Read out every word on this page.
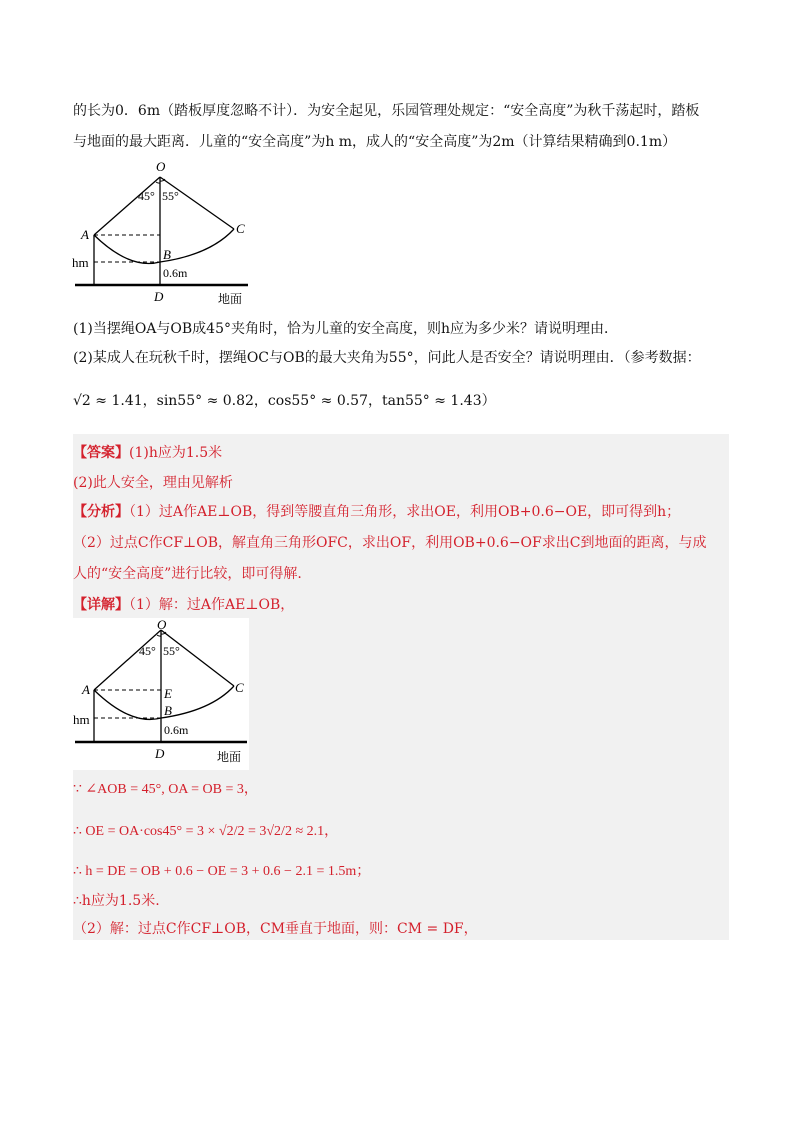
的长为0．6m（踏板厚度忽略不计）．为安全起见，乐园管理处规定：“安全高度”为秋千荡起时，踏板
与地面的最大距离．儿童的“安全高度”为h m，成人的“安全高度”为2m（计算结果精确到0.1m）
O
45° 55°
A	C
B
hm
0.6m
D	地面
(1)当摆绳OA与OB成45°夹角时，恰为儿童的安全高度，则h应为多少米？请说明理由．
(2)某成人在玩秋千时，摆绳OC与OB的最大夹角为55°，问此人是否安全？请说明理由．（参考数据：
√2 ≈ 1.41，sin55° ≈ 0.82，cos55° ≈ 0.57，tan55° ≈ 1.43）
【答案】(1)h应为1.5米
(2)此人安全，理由见解析
【分析】（1）过A作AE⊥OB，得到等腰直角三角形，求出OE，利用OB+0.6−OE，即可得到h；
（2）过点C作CF⊥OB，解直角三角形OFC，求出OF，利用OB+0.6−OF求出C到地面的距离，与成
人的“安全高度”进行比较，即可得解.
【详解】（1）解：过A作AE⊥OB，
O
45° 55°
A	E	C
B
hm
0.6m
D	地面
∵ ∠AOB = 45°, OA = OB = 3，
∴ OE = OA·cos45° = 3 × √2/2 = 3√2/2 ≈ 2.1，
∴ h = DE = OB + 0.6 − OE = 3 + 0.6 − 2.1 = 1.5m；
∴h应为1.5米.
（2）解：过点C作CF⊥OB，CM垂直于地面，则：CM = DF，
